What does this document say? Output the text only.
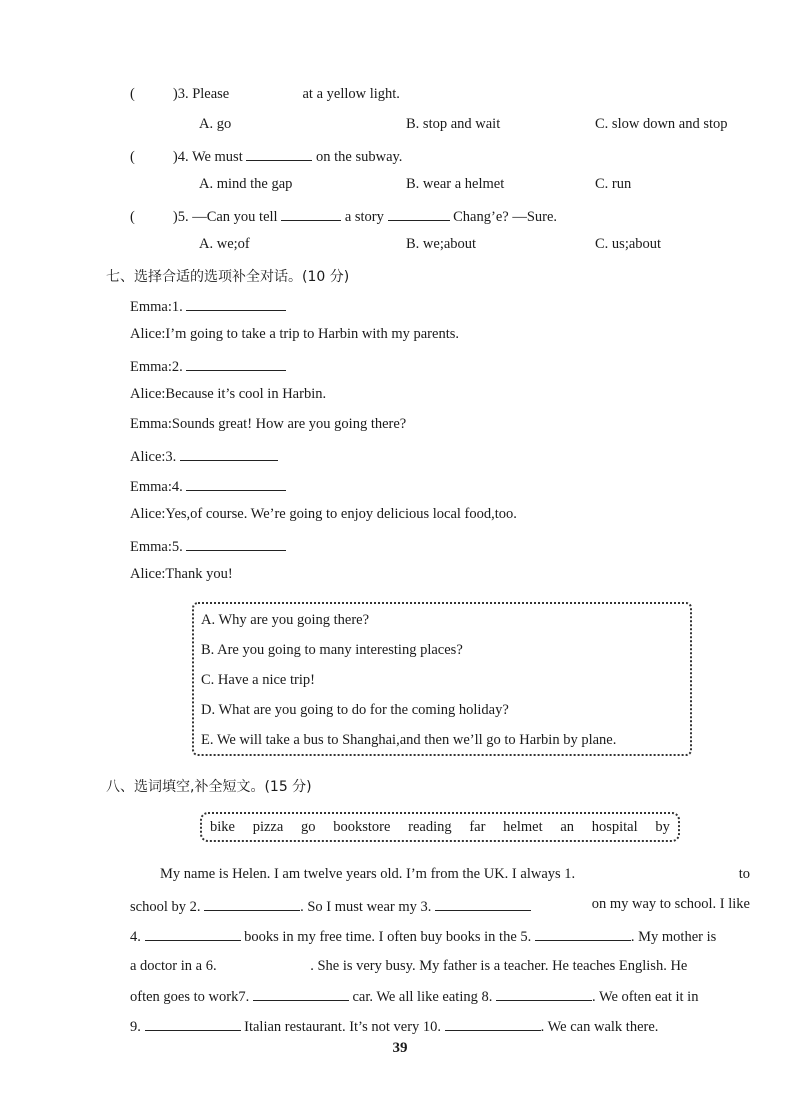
(	)3. Please	at a yellow light.
A. go	B. stop and wait	C. slow down and stop
(	)4. We must	on the subway.
A. mind the gap	B. wear a helmet	C. run
(	)5. —Can you tell	a story	Chang’e? —Sure.
A. we;of	B. we;about	C. us;about
七、选择合适的选项补全对话。(10 分)
Emma:1.
Alice:I’m going to take a trip to Harbin with my parents.
Emma:2.
Alice:Because it’s cool in Harbin.
Emma:Sounds great! How are you going there?
Alice:3.
Emma:4.
Alice:Yes,of course. We’re going to enjoy delicious local food,too.
Emma:5.
Alice:Thank you!
A. Why are you going there?
B. Are you going to many interesting places?
C. Have a nice trip!
D. What are you going to do for the coming holiday?
E. We will take a bus to Shanghai,and then we’ll go to Harbin by plane.
八、选词填空,补全短文。(15 分)
bike pizza go bookstore reading far helmet an hospital by
My name is Helen. I am twelve years old. I’m from the UK. I always 1.	to
school by 2.	. So I must wear my 3.	on my way to school. I like
4.	books in my free time. I often buy books in the 5.	. My mother is
a doctor in a 6.	. She is very busy. My father is a teacher. He teaches English. He
often goes to work7.	car. We all like eating 8.	. We often eat it in
9.	Italian restaurant. It’s not very 10.	. We can walk there.
39
